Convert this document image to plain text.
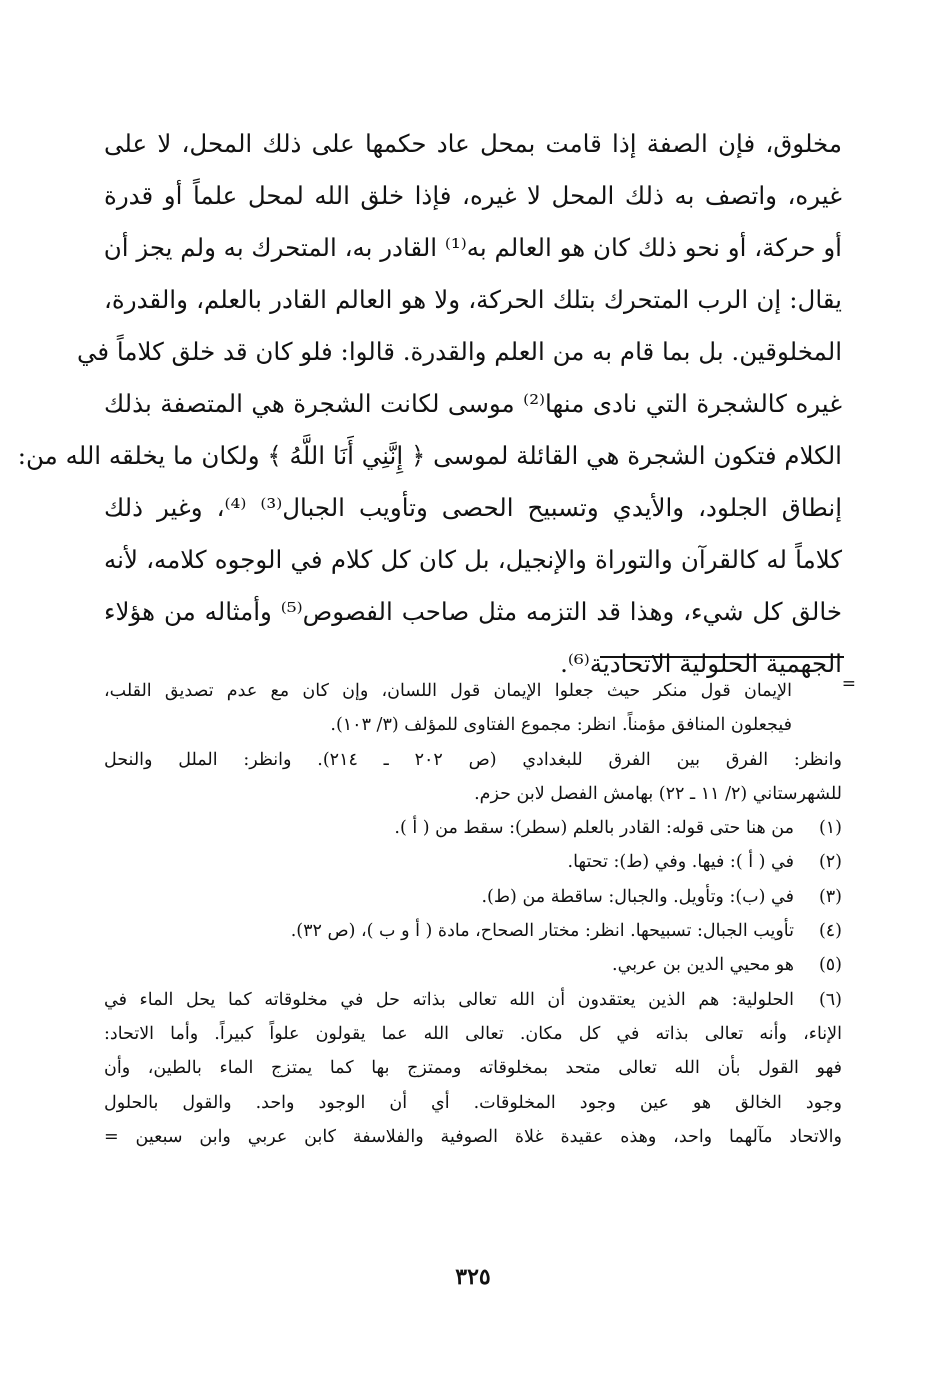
مخلوق، فإن الصفة إذا قامت بمحل عاد حكمها على ذلك المحل، لا على
غيره، واتصف به ذلك المحل لا غيره، فإذا خلق الله لمحل علماً أو قدرة
أو حركة، أو نحو ذلك كان هو العالم به⁽¹⁾ القادر به، المتحرك به ولم يجز أن
يقال: إن الرب المتحرك بتلك الحركة، ولا هو العالم القادر بالعلم، والقدرة،
المخلوقين. بل بما قام به من العلم والقدرة. قالوا: فلو كان قد خلق كلاماً في
غيره كالشجرة التي نادى منها⁽²⁾ موسى لكانت الشجرة هي المتصفة بذلك
الكلام فتكون الشجرة هي القائلة لموسى ﴿ إِنَّنِي أَنَا اللَّهُ ﴾ ولكان ما يخلقه الله من:
إنطاق الجلود، والأيدي وتسبيح الحصى وتأويب الجبال⁽³⁾ ⁽⁴⁾، وغير ذلك
كلاماً له كالقرآن والتوراة والإنجيل، بل كان كل كلام في الوجوه كلامه، لأنه
خالق كل شيء، وهذا قد التزمه مثل صاحب الفصوص⁽⁵⁾ وأمثاله من هؤلاء
الجهمية الحلولية الاتحادية⁽⁶⁾.
=
الإيمان قول منكر حيث جعلوا الإيمان قول اللسان، وإن كان مع عدم تصديق القلب،
فيجعلون المنافق مؤمناً. انظر: مجموع الفتاوى للمؤلف (٣/ ١٠٣).
وانظر: الفرق بين الفرق للبغدادي (ص ٢٠٢ ـ ٢١٤). وانظر: الملل والنحل
للشهرستاني (٢/ ١١ ـ ٢٢) بهامش الفصل لابن حزم.
(١)
من هنا حتى قوله: القادر بالعلم (سطر): سقط من ( أ ).
(٢)
في ( أ ): فيها. وفي (ط): تحتها.
(٣)
في (ب): وتأويل. والجبال: ساقطة من (ط).
(٤)
تأويب الجبال: تسبيحها. انظر: مختار الصحاح، مادة ( أ و ب )، (ص ٣٢).
(٥)
هو محيي الدين بن عربي.
(٦)
الحلولية: هم الذين يعتقدون أن الله تعالى بذاته حل في مخلوقاته كما يحل الماء في
الإناء، وأنه تعالى بذاته في كل مكان. تعالى الله عما يقولون علواً كبيراً. وأما الاتحاد:
فهو القول بأن الله تعالى متحد بمخلوقاته وممتزج بها كما يمتزج الماء بالطين، وأن
وجود الخالق هو عين وجود المخلوقات. أي أن الوجود واحد. والقول بالحلول
والاتحاد مآلهما واحد، وهذه عقيدة غلاة الصوفية والفلاسفة كابن عربي وابن سبعين =
٣٢٥
